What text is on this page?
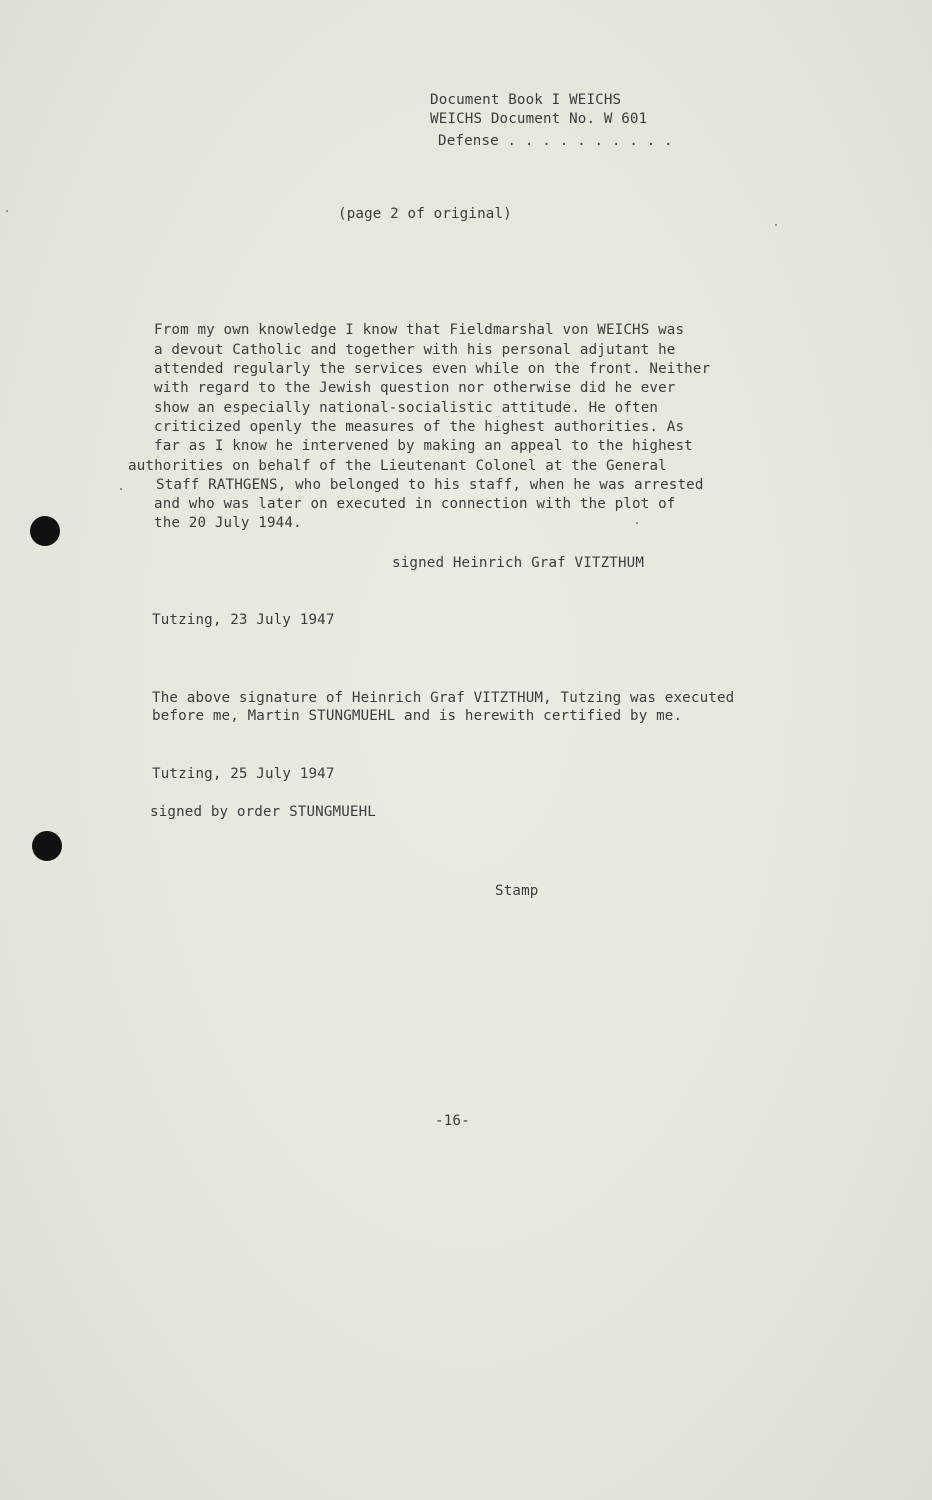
Document Book I WEICHS
WEICHS Document No. W 601
Defense . . . . . . . . . .
(page 2 of original)
From my own knowledge I know that Fieldmarshal von WEICHS was
a devout Catholic and together with his personal adjutant he
attended regularly the services even while on the front. Neither
with regard to the Jewish question nor otherwise did he ever
show an especially national-socialistic attitude. He often
criticized openly the measures of the highest authorities. As
far as I know he intervened by making an appeal to the highest
authorities on behalf of the Lieutenant Colonel at the General
Staff RATHGENS, who belonged to his staff, when he was arrested
and who was later on executed in connection with the plot of
the 20 July 1944.
signed Heinrich Graf VITZTHUM
Tutzing, 23 July 1947
The above signature of Heinrich Graf VITZTHUM, Tutzing was executed
before me, Martin STUNGMUEHL and is herewith certified by me.
Tutzing, 25 July 1947
signed by order STUNGMUEHL
Stamp
-16-
